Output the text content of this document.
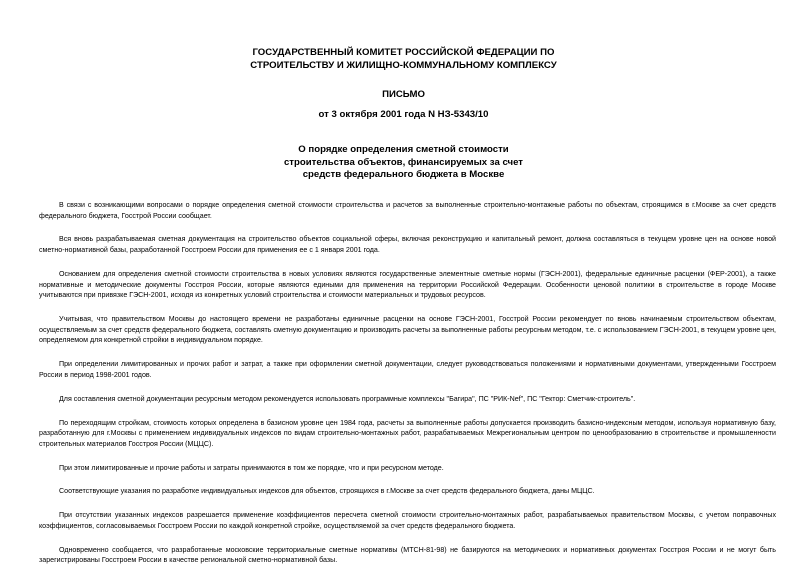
ГОСУДАРСТВЕННЫЙ КОМИТЕТ РОССИЙСКОЙ ФЕДЕРАЦИИ ПО
СТРОИТЕЛЬСТВУ И ЖИЛИЩНО-КОММУНАЛЬНОМУ КОМПЛЕКСУ
ПИСЬМО
от 3 октября 2001 года N НЗ-5343/10
О порядке определения сметной стоимости
строительства объектов, финансируемых за счет
средств федерального бюджета в Москве

В связи с возникающими вопросами о порядке определения сметной стоимости строительства и расчетов за выполненные строительно-монтажные работы по объектам, строящимся в г.Москве за счет средств федерального бюджета, Госстрой России сообщает.

Вся вновь разрабатываемая сметная документация на строительство объектов социальной сферы, включая реконструкцию и капитальный ремонт, должна составляться в текущем уровне цен на основе новой сметно-нормативной базы, разработанной Госстроем России для применения ее с 1 января 2001 года.

Основанием для определения сметной стоимости строительства в новых условиях являются государственные элементные сметные нормы (ГЭСН-2001), федеральные единичные расценки (ФЕР-2001), а также нормативные и методические документы Госстроя России, которые являются едиными для применения на территории Российской Федерации. Особенности ценовой политики в строительстве в городе Москве учитываются при привязке ГЭСН-2001, исходя из конкретных условий строительства и стоимости материальных и трудовых ресурсов.

Учитывая, что правительством Москвы до настоящего времени не разработаны единичные расценки на основе ГЭСН-2001, Госстрой России рекомендует по вновь начинаемым строительством объектам, осуществляемым за счет средств федерального бюджета, составлять сметную документацию и производить расчеты за выполненные работы ресурсным методом, т.е. с использованием ГЭСН-2001, в текущем уровне цен, определяемом для конкретной стройки в индивидуальном порядке.

При определении лимитированных и прочих работ и затрат, а также при оформлении сметной документации, следует руководствоваться положениями и нормативными документами, утвержденными Госстроем России в период 1998-2001 годов.

Для составления сметной документации ресурсным методом рекомендуется использовать программные комплексы "Багира", ПС "РИК-Nef", ПС "Гектор: Сметчик-строитель".

По переходящим стройкам, стоимость которых определена в базисном уровне цен 1984 года, расчеты за выполненные работы допускается производить базисно-индексным методом, используя нормативную базу, разработанную для г.Москвы с применением индивидуальных индексов по видам строительно-монтажных работ, разрабатываемых Межрегиональным центром по ценообразованию в строительстве и промышленности строительных материалов Госстроя России (МЦЦС).

При этом лимитированные и прочие работы и затраты принимаются в том же порядке, что и при ресурсном методе.

Соответствующие указания по разработке индивидуальных индексов для объектов, строящихся в г.Москве за счет средств федерального бюджета, даны МЦЦС.

При отсутствии указанных индексов разрешается применение коэффициентов пересчета сметной стоимости строительно-монтажных работ, разрабатываемых правительством Москвы, с учетом поправочных коэффициентов, согласовываемых Госстроем России по каждой конкретной стройке, осуществляемой за счет средств федерального бюджета.

Одновременно сообщается, что разработанные московские территориальные сметные нормативы (МТСН-81-98) не базируются на методических и нормативных документах Госстроя России и не могут быть зарегистрированы Госстроем России в качестве региональной сметно-нормативной базы.
